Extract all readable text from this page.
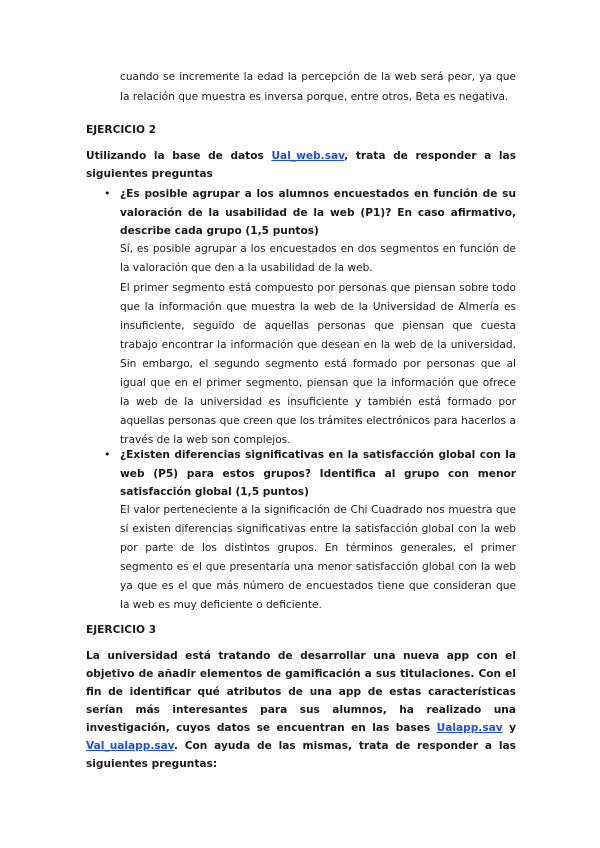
cuando se incremente la edad la percepción de la web será peor, ya que la relación que muestra es inversa porque, entre otros, Beta es negativa.

EJERCICIO 2

Utilizando la base de datos Ual_web.sav, trata de responder a las siguientes preguntas

• ¿Es posible agrupar a los alumnos encuestados en función de su valoración de la usabilidad de la web (P1)? En caso afirmativo, describe cada grupo (1,5 puntos)

Sí, es posible agrupar a los encuestados en dos segmentos en función de la valoración que den a la usabilidad de la web.

El primer segmento está compuesto por personas que piensan sobre todo que la información que muestra la web de la Universidad de Almería es insuficiente, seguido de aquellas personas que piensan que cuesta trabajo encontrar la información que desean en la web de la universidad. Sin embargo, el segundo segmento está formado por personas que al igual que en el primer segmento, piensan que la información que ofrece la web de la universidad es insuficiente y también está formado por aquellas personas que creen que los trámites electrónicos para hacerlos a través de la web son complejos.

• ¿Existen diferencias significativas en la satisfacción global con la web (P5) para estos grupos? Identifica al grupo con menor satisfacción global (1,5 puntos)

El valor perteneciente a la significación de Chi Cuadrado nos muestra que sí existen diferencias significativas entre la satisfacción global con la web por parte de los distintos grupos. En términos generales, el primer segmento es el que presentaría una menor satisfacción global con la web ya que es el que más número de encuestados tiene que consideran que la web es muy deficiente o deficiente.

EJERCICIO 3

La universidad está tratando de desarrollar una nueva app con el objetivo de añadir elementos de gamificación a sus titulaciones. Con el fin de identificar qué atributos de una app de estas características serían más interesantes para sus alumnos, ha realizado una investigación, cuyos datos se encuentran en las bases Ualapp.sav y Val_ualapp.sav. Con ayuda de las mismas, trata de responder a las siguientes preguntas:
